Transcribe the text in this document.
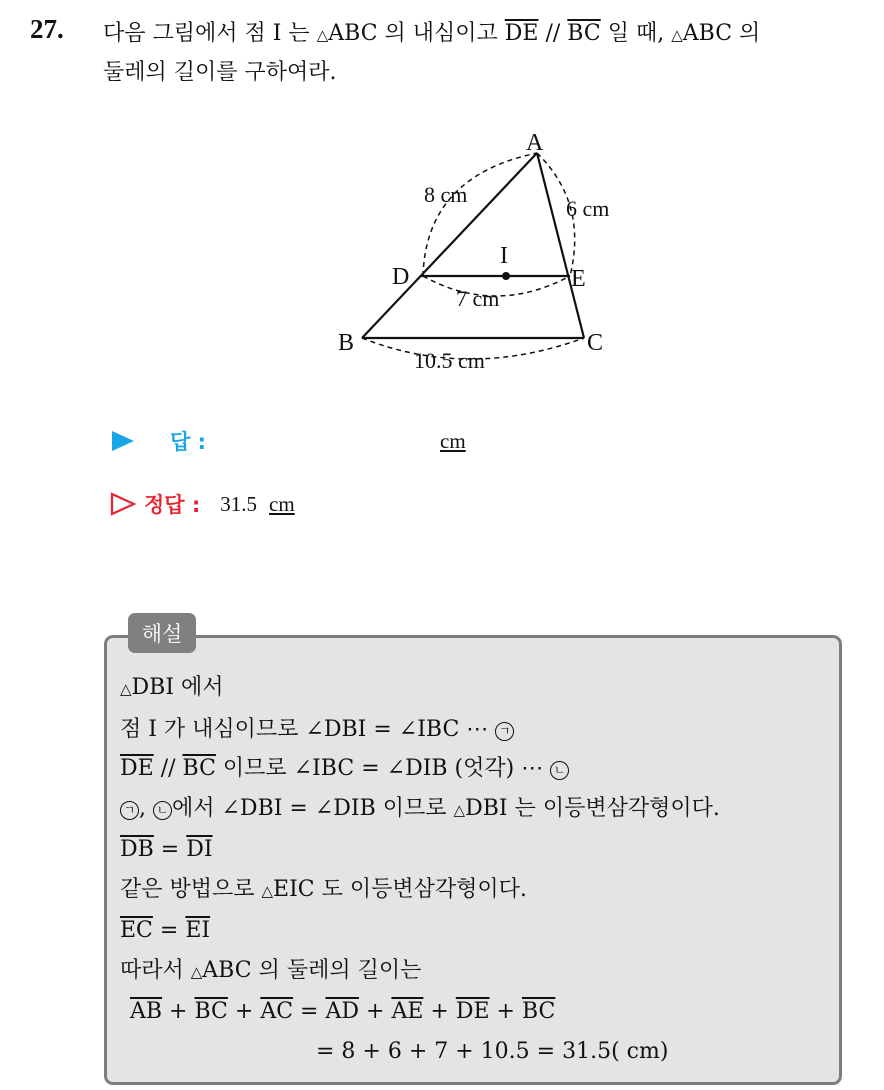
27. 다음 그림에서 점 I 는 △ABC 의 내심이고 $\overline{DE} // \overline{BC}$ 일 때, △ABC 의
둘레의 길이를 구하여라.
A
B	C
D	E
I
8 cm
6 cm
7 cm
10.5 cm
답 :	cm
정답 : 31.5 cm
해설
△DBI 에서
점 I 가 내심이므로 ∠DBI = ∠IBC ⋯ ㄱ
$\overline{DE} // \overline{BC}$ 이므로 ∠IBC = ∠DIB (엇각) ⋯ ㄴ
ㄱ , ㄴ 에서 ∠DBI = ∠DIB 이므로 △DBI 는 이등변삼각형이다.
$\overline{DB} = \overline{DI}$
같은 방법으로 △EIC 도 이등변삼각형이다.
$\overline{EC} = \overline{EI}$
따라서 △ABC 의 둘레의 길이는
$\overline{AB} + \overline{BC} + \overline{AC} = \overline{AD} + \overline{AE} + \overline{DE} + \overline{BC}$
= 8 + 6 + 7 + 10.5 = 31.5( cm)
